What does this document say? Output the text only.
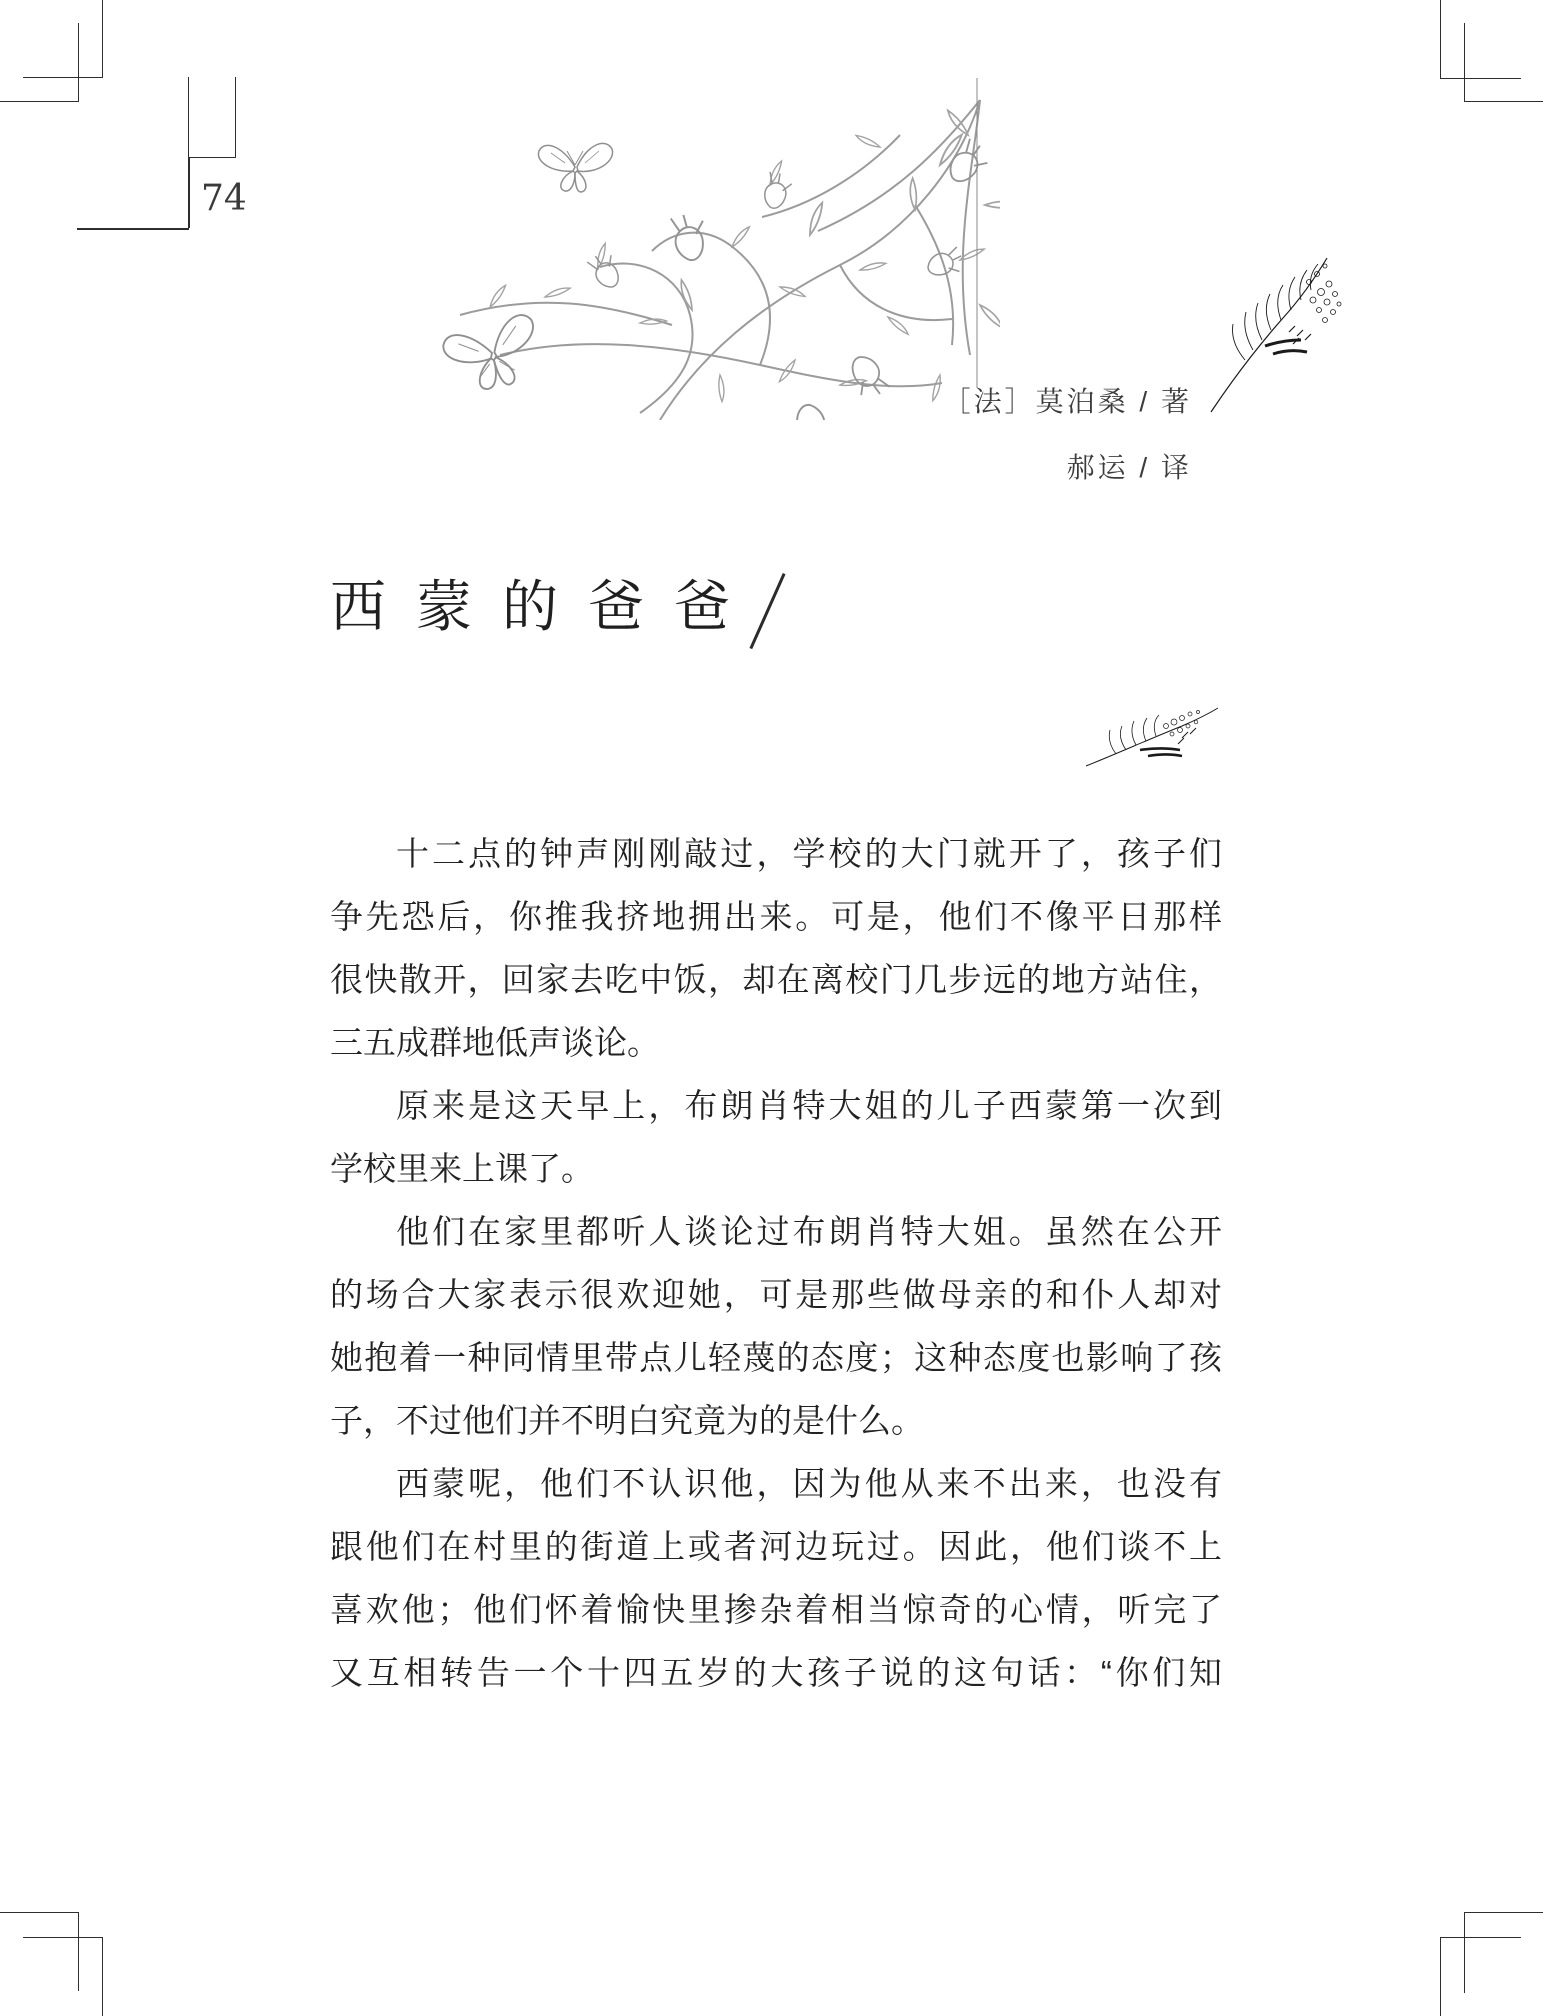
74
［法］莫泊桑 / 著
郝运 / 译
西蒙的爸爸
十二点的钟声刚刚敲过，学校的大门就开了，孩子们
争先恐后，你推我挤地拥出来。可是，他们不像平日那样
很快散开，回家去吃中饭，却在离校门几步远的地方站住，
三五成群地低声谈论。
原来是这天早上，布朗肖特大姐的儿子西蒙第一次到
学校里来上课了。
他们在家里都听人谈论过布朗肖特大姐。虽然在公开
的场合大家表示很欢迎她，可是那些做母亲的和仆人却对
她抱着一种同情里带点儿轻蔑的态度；这种态度也影响了孩
子，不过他们并不明白究竟为的是什么。
西蒙呢，他们不认识他，因为他从来不出来，也没有
跟他们在村里的街道上或者河边玩过。因此，他们谈不上
喜欢他；他们怀着愉快里掺杂着相当惊奇的心情，听完了
又互相转告一个十四五岁的大孩子说的这句话：“你们知
